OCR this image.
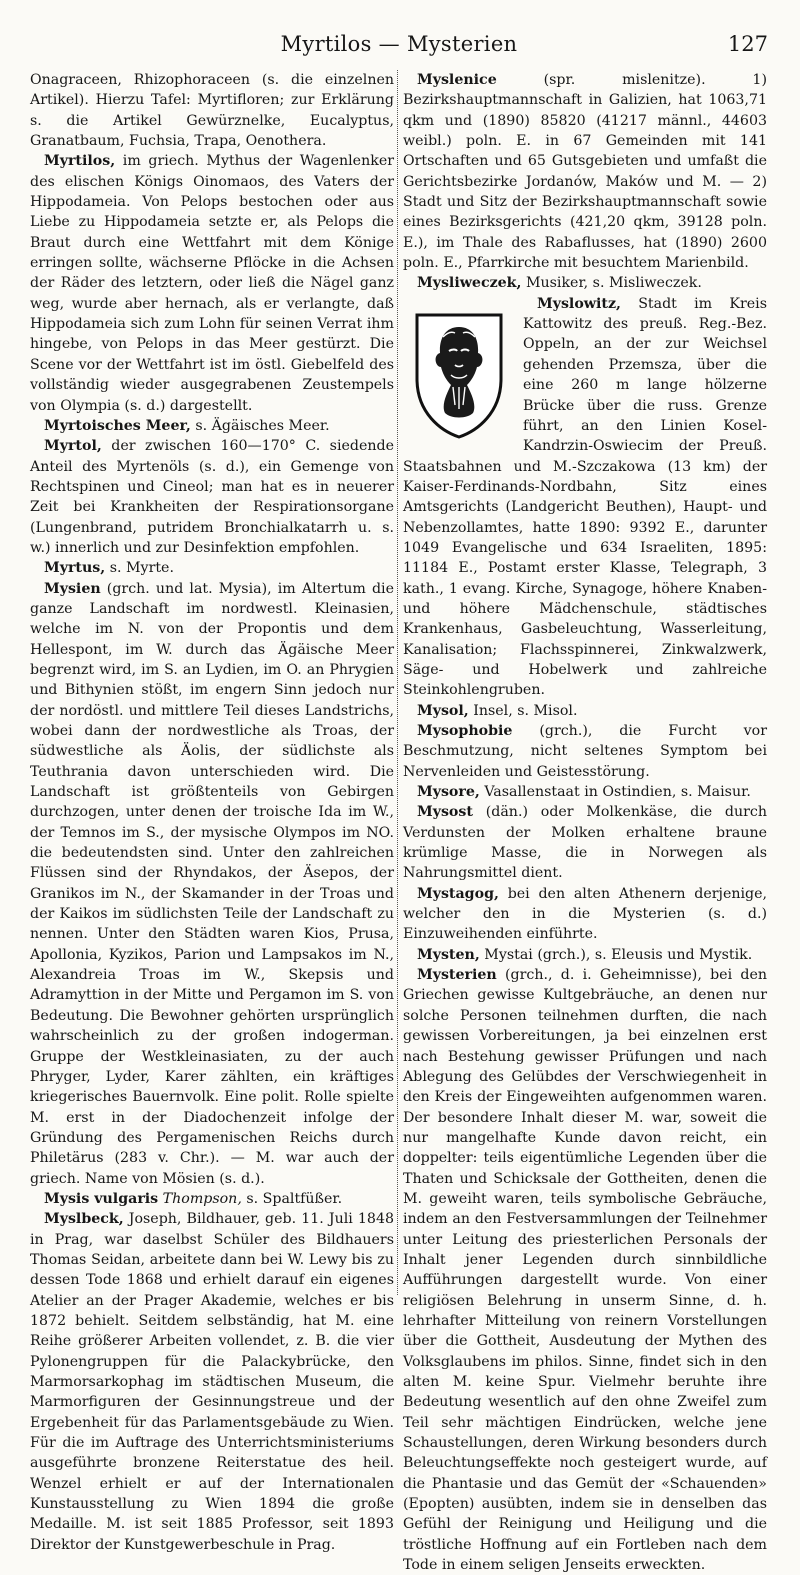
Myrtilos — Mysterien	127

Onagraceen, Rhizophoraceen (s. die einzelnen Artikel). Hierzu Tafel: Myrtifloren; zur Erklärung s. die Artikel Gewürznelke, Eucalyptus, Granatbaum, Fuchsia, Trapa, Oenothera.

Myrtilos, im griech. Mythus der Wagenlenker des elischen Königs Oinomaos, des Vaters der Hippodameia. Von Pelops bestochen oder aus Liebe zu Hippodameia setzte er, als Pelops die Braut durch eine Wettfahrt mit dem Könige erringen sollte, wächserne Pflöcke in die Achsen der Räder des letztern, oder ließ die Nägel ganz weg, wurde aber hernach, als er verlangte, daß Hippodameia sich zum Lohn für seinen Verrat ihm hingebe, von Pelops in das Meer gestürzt. Die Scene vor der Wettfahrt ist im östl. Giebelfeld des vollständig wieder ausgegrabenen Zeustempels von Olympia (s. d.) dargestellt.

Myrtoisches Meer, s. Ägäisches Meer.

Myrtol, der zwischen 160—170° C. siedende Anteil des Myrtenöls (s. d.), ein Gemenge von Rechtspinen und Cineol; man hat es in neuerer Zeit bei Krankheiten der Respirationsorgane (Lungenbrand, putridem Bronchialkatarrh u. s. w.) innerlich und zur Desinfektion empfohlen.

Myrtus, s. Myrte.

Mysien (grch. und lat. Mysia), im Altertum die ganze Landschaft im nordwestl. Kleinasien, welche im N. von der Propontis und dem Hellespont, im W. durch das Ägäische Meer begrenzt wird, im S. an Lydien, im O. an Phrygien und Bithynien stößt, im engern Sinn jedoch nur der nordöstl. und mittlere Teil dieses Landstrichs, wobei dann der nordwestliche als Troas, der südwestliche als Äolis, der südlichste als Teuthrania davon unterschieden wird. Die Landschaft ist größtenteils von Gebirgen durchzogen, unter denen der troische Ida im W., der Temnos im S., der mysische Olympos im NO. die bedeutendsten sind. Unter den zahlreichen Flüssen sind der Rhyndakos, der Äsepos, der Granikos im N., der Skamander in der Troas und der Kaikos im südlichsten Teile der Landschaft zu nennen. Unter den Städten waren Kios, Prusa, Apollonia, Kyzikos, Parion und Lampsakos im N., Alexandreia Troas im W., Skepsis und Adramyttion in der Mitte und Pergamon im S. von Bedeutung. Die Bewohner gehörten ursprünglich wahrscheinlich zu der großen indogerman. Gruppe der Westkleinasiaten, zu der auch Phryger, Lyder, Karer zählten, ein kräftiges kriegerisches Bauernvolk. Eine polit. Rolle spielte M. erst in der Diadochenzeit infolge der Gründung des Pergamenischen Reichs durch Philetärus (283 v. Chr.). — M. war auch der griech. Name von Mösien (s. d.).

Mysis vulgaris Thompson, s. Spaltfüßer.

Myslbeck, Joseph, Bildhauer, geb. 11. Juli 1848 in Prag, war daselbst Schüler des Bildhauers Thomas Seidan, arbeitete dann bei W. Lewy bis zu dessen Tode 1868 und erhielt darauf ein eigenes Atelier an der Prager Akademie, welches er bis 1872 behielt. Seitdem selbständig, hat M. eine Reihe größerer Arbeiten vollendet, z. B. die vier Pylonengruppen für die Palackybrücke, den Marmorsarkophag im städtischen Museum, die Marmorfiguren der Gesinnungstreue und der Ergebenheit für das Parlamentsgebäude zu Wien. Für die im Auftrage des Unterrichtsministeriums ausgeführte bronzene Reiterstatue des heil. Wenzel erhielt er auf der Internationalen Kunstausstellung zu Wien 1894 die große Medaille. M. ist seit 1885 Professor, seit 1893 Direktor der Kunstgewerbeschule in Prag.

Myslenice (spr. mislenitze). 1) Bezirkshauptmannschaft in Galizien, hat 1063,71 qkm und (1890) 85820 (41217 männl., 44603 weibl.) poln. E. in 67 Gemeinden mit 141 Ortschaften und 65 Gutsgebieten und umfaßt die Gerichtsbezirke Jordanów, Maków und M. — 2) Stadt und Sitz der Bezirkshauptmannschaft sowie eines Bezirksgerichts (421,20 qkm, 39128 poln. E.), im Thale des Rabaflusses, hat (1890) 2600 poln. E., Pfarrkirche mit besuchtem Marienbild.

Mysliweczek, Musiker, s. Misliweczek.

Myslowitz, Stadt im Kreis Kattowitz des preuß. Reg.-Bez. Oppeln, an der zur Weichsel gehenden Przemsza, über die eine 260 m lange hölzerne Brücke über die russ. Grenze führt, an den Linien Kosel-Kandrzin-Oswiecim der Preuß. Staatsbahnen und M.-Szczakowa (13 km) der Kaiser-Ferdinands-Nordbahn, Sitz eines Amtsgerichts (Landgericht Beuthen), Haupt- und Nebenzollamtes, hatte 1890: 9392 E., darunter 1049 Evangelische und 634 Israeliten, 1895: 11184 E., Postamt erster Klasse, Telegraph, 3 kath., 1 evang. Kirche, Synagoge, höhere Knaben- und höhere Mädchenschule, städtisches Krankenhaus, Gasbeleuchtung, Wasserleitung, Kanalisation; Flachsspinnerei, Zinkwalzwerk, Säge- und Hobelwerk und zahlreiche Steinkohlengruben.

Mysol, Insel, s. Misol.

Mysophobie (grch.), die Furcht vor Beschmutzung, nicht seltenes Symptom bei Nervenleiden und Geistesstörung.

Mysore, Vasallenstaat in Ostindien, s. Maisur.

Mysost (dän.) oder Molkenkäse, die durch Verdunsten der Molken erhaltene braune krümlige Masse, die in Norwegen als Nahrungsmittel dient.

Mystagog, bei den alten Athenern derjenige, welcher den in die Mysterien (s. d.) Einzuweihenden einführte.

Mysten, Mystai (grch.), s. Eleusis und Mystik.

Mysterien (grch., d. i. Geheimnisse), bei den Griechen gewisse Kultgebräuche, an denen nur solche Personen teilnehmen durften, die nach gewissen Vorbereitungen, ja bei einzelnen erst nach Bestehung gewisser Prüfungen und nach Ablegung des Gelübdes der Verschwiegenheit in den Kreis der Eingeweihten aufgenommen waren. Der besondere Inhalt dieser M. war, soweit die nur mangelhafte Kunde davon reicht, ein doppelter: teils eigentümliche Legenden über die Thaten und Schicksale der Gottheiten, denen die M. geweiht waren, teils symbolische Gebräuche, indem an den Festversammlungen der Teilnehmer unter Leitung des priesterlichen Personals der Inhalt jener Legenden durch sinnbildliche Aufführungen dargestellt wurde. Von einer religiösen Belehrung in unserm Sinne, d. h. lehrhafter Mitteilung von reinern Vorstellungen über die Gottheit, Ausdeutung der Mythen des Volksglaubens im philos. Sinne, findet sich in den alten M. keine Spur. Vielmehr beruhte ihre Bedeutung wesentlich auf den ohne Zweifel zum Teil sehr mächtigen Eindrücken, welche jene Schaustellungen, deren Wirkung besonders durch Beleuchtungseffekte noch gesteigert wurde, auf die Phantasie und das Gemüt der «Schauenden» (Epopten) ausübten, indem sie in denselben das Gefühl der Reinigung und Heiligung und die tröstliche Hoffnung auf ein Fortleben nach dem Tode in einem seligen Jenseits erweckten.
